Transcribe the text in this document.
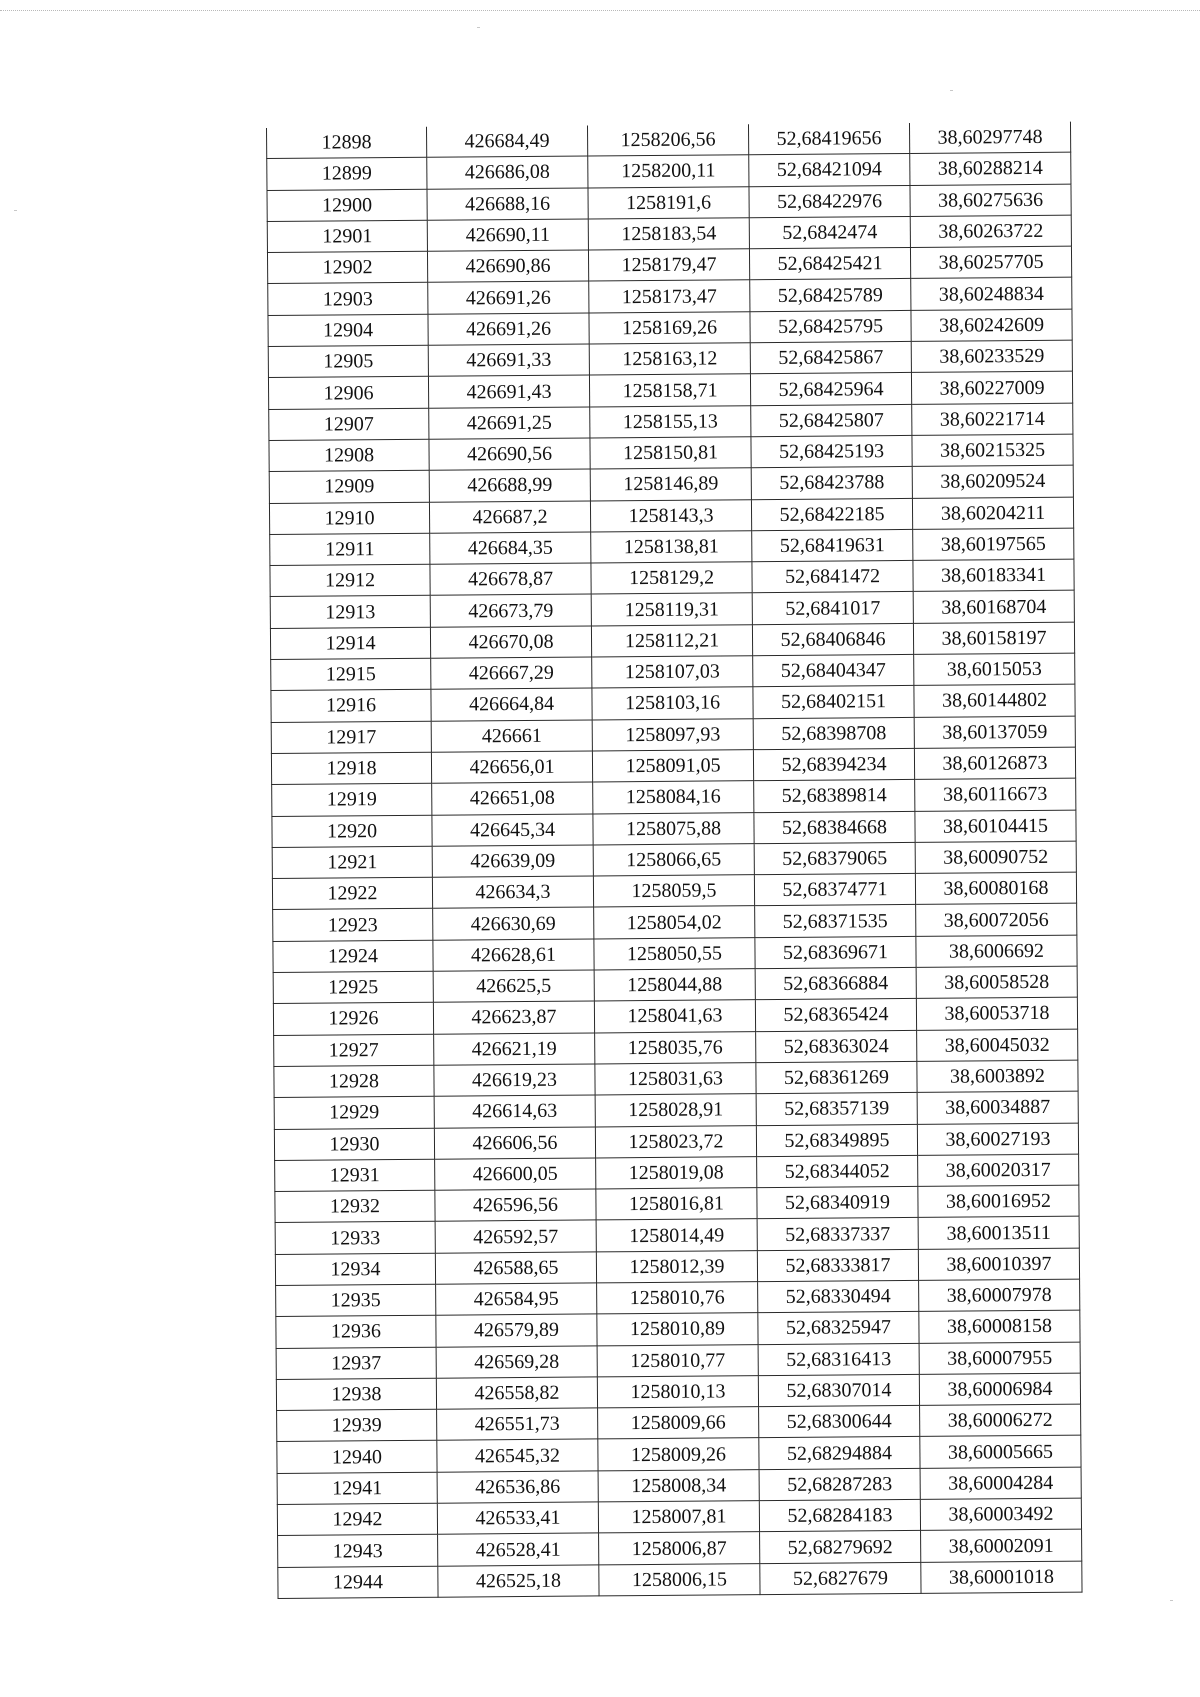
12898	426684,49	1258206,56	52,68419656	38,60297748
12899	426686,08	1258200,11	52,68421094	38,60288214
12900	426688,16	1258191,6	52,68422976	38,60275636
12901	426690,11	1258183,54	52,6842474	38,60263722
12902	426690,86	1258179,47	52,68425421	38,60257705
12903	426691,26	1258173,47	52,68425789	38,60248834
12904	426691,26	1258169,26	52,68425795	38,60242609
12905	426691,33	1258163,12	52,68425867	38,60233529
12906	426691,43	1258158,71	52,68425964	38,60227009
12907	426691,25	1258155,13	52,68425807	38,60221714
12908	426690,56	1258150,81	52,68425193	38,60215325
12909	426688,99	1258146,89	52,68423788	38,60209524
12910	426687,2	1258143,3	52,68422185	38,60204211
12911	426684,35	1258138,81	52,68419631	38,60197565
12912	426678,87	1258129,2	52,6841472	38,60183341
12913	426673,79	1258119,31	52,6841017	38,60168704
12914	426670,08	1258112,21	52,68406846	38,60158197
12915	426667,29	1258107,03	52,68404347	38,6015053
12916	426664,84	1258103,16	52,68402151	38,60144802
12917	426661	1258097,93	52,68398708	38,60137059
12918	426656,01	1258091,05	52,68394234	38,60126873
12919	426651,08	1258084,16	52,68389814	38,60116673
12920	426645,34	1258075,88	52,68384668	38,60104415
12921	426639,09	1258066,65	52,68379065	38,60090752
12922	426634,3	1258059,5	52,68374771	38,60080168
12923	426630,69	1258054,02	52,68371535	38,60072056
12924	426628,61	1258050,55	52,68369671	38,6006692
12925	426625,5	1258044,88	52,68366884	38,60058528
12926	426623,87	1258041,63	52,68365424	38,60053718
12927	426621,19	1258035,76	52,68363024	38,60045032
12928	426619,23	1258031,63	52,68361269	38,6003892
12929	426614,63	1258028,91	52,68357139	38,60034887
12930	426606,56	1258023,72	52,68349895	38,60027193
12931	426600,05	1258019,08	52,68344052	38,60020317
12932	426596,56	1258016,81	52,68340919	38,60016952
12933	426592,57	1258014,49	52,68337337	38,60013511
12934	426588,65	1258012,39	52,68333817	38,60010397
12935	426584,95	1258010,76	52,68330494	38,60007978
12936	426579,89	1258010,89	52,68325947	38,60008158
12937	426569,28	1258010,77	52,68316413	38,60007955
12938	426558,82	1258010,13	52,68307014	38,60006984
12939	426551,73	1258009,66	52,68300644	38,60006272
12940	426545,32	1258009,26	52,68294884	38,60005665
12941	426536,86	1258008,34	52,68287283	38,60004284
12942	426533,41	1258007,81	52,68284183	38,60003492
12943	426528,41	1258006,87	52,68279692	38,60002091
12944	426525,18	1258006,15	52,6827679	38,60001018
